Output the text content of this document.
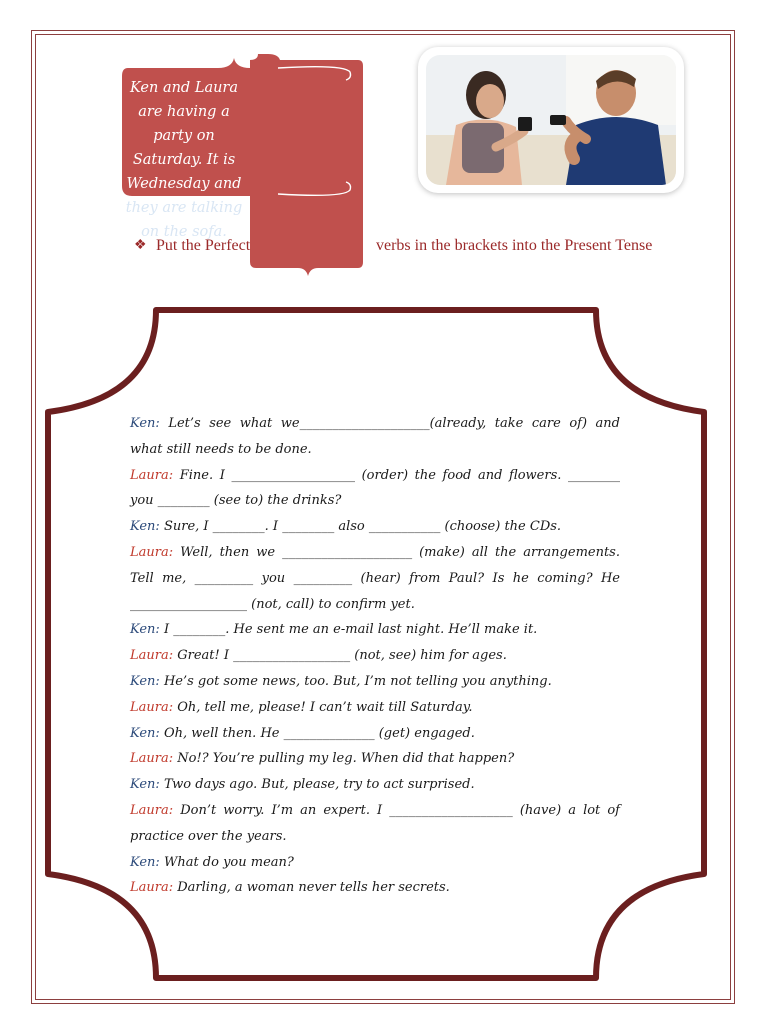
Ken and Laura are having a party on Saturday. It is Wednesday and they are talking on the sofa.

❖ Put the Perfect	verbs in the brackets into the Present Tense

Ken: Let’s see what we____________________(already, take care of) and what still needs to be done.

Laura: Fine. I ___________________ (order) the food and flowers. ________ you ________ (see to) the drinks?

Ken: Sure, I ________. I ________ also ___________ (choose) the CDs.

Laura: Well, then we ____________________ (make) all the arrangements. Tell me, _________ you _________ (hear) from Paul? Is he coming? He __________________ (not, call) to confirm yet.

Ken: I ________. He sent me an e-mail last night. He’ll make it.

Laura: Great! I __________________ (not, see) him for ages.

Ken: He’s got some news, too. But, I’m not telling you anything.

Laura: Oh, tell me, please! I can’t wait till Saturday.

Ken: Oh, well then. He ______________ (get) engaged.

Laura: No!? You’re pulling my leg. When did that happen?

Ken: Two days ago. But, please, try to act surprised.

Laura: Don’t worry. I’m an expert. I ___________________ (have) a lot of practice over the years.

Ken: What do you mean?

Laura: Darling, a woman never tells her secrets.
